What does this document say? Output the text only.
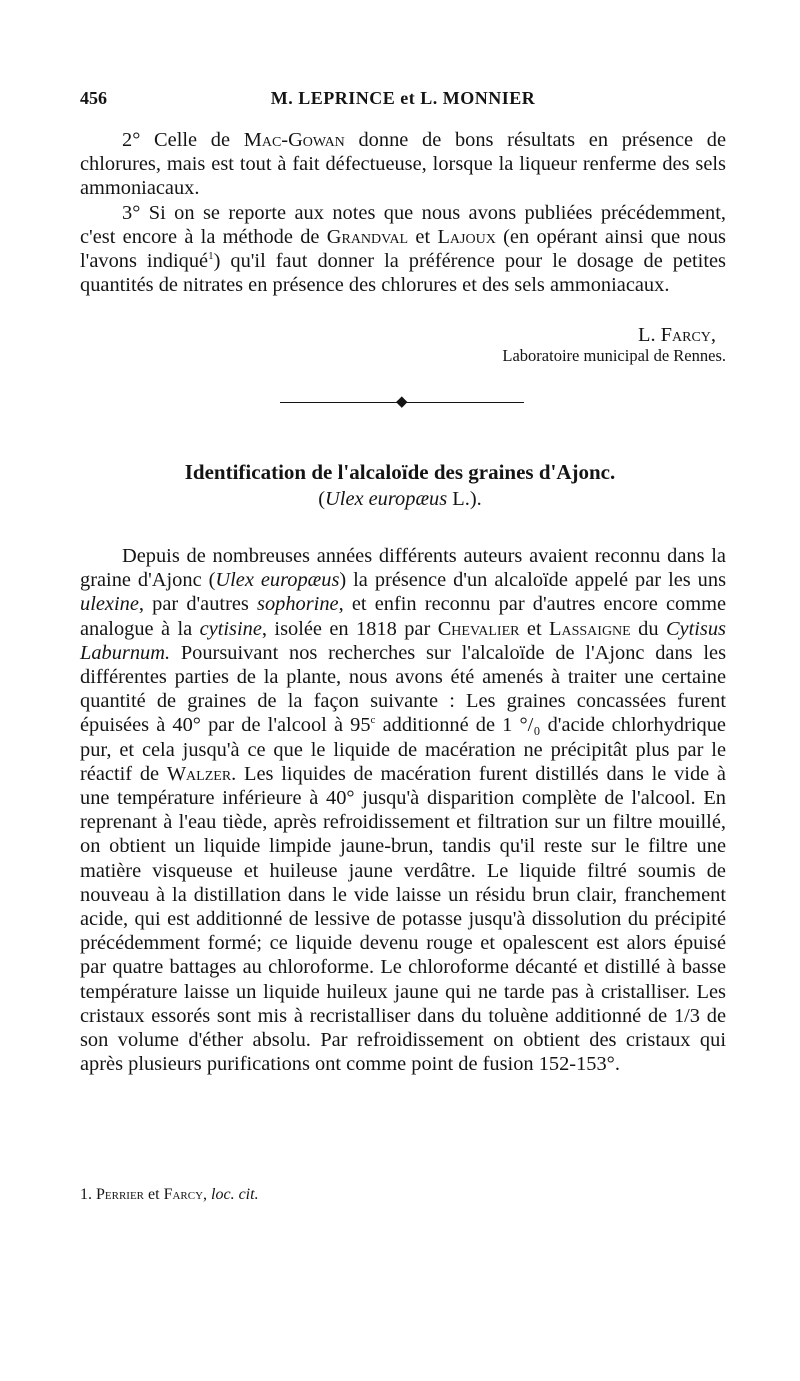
456	M. LEPRINCE et L. MONNIER

2° Celle de Mac-Gowan donne de bons résultats en présence de chlorures, mais est tout à fait défectueuse, lorsque la liqueur renferme des sels ammoniacaux.

3° Si on se reporte aux notes que nous avons publiées précédemment, c'est encore à la méthode de Grandval et Lajoux (en opérant ainsi que nous l'avons indiqué$^1$) qu'il faut donner la préférence pour le dosage de petites quantités de nitrates en présence des chlorures et des sels ammoniacaux.

L. Farcy,
Laboratoire municipal de Rennes.
◆
Identification de l'alcaloïde des graines d'Ajonc.
(Ulex europæus L.).

Depuis de nombreuses années différents auteurs avaient reconnu dans la graine d'Ajonc (Ulex europæus) la présence d'un alcaloïde appelé par les uns ulexine, par d'autres sophorine, et enfin reconnu par d'autres encore comme analogue à la cytisine, isolée en 1818 par Chevalier et Lassaigne du Cytisus Laburnum. Poursuivant nos recherches sur l'alcaloïde de l'Ajonc dans les différentes parties de la plante, nous avons été amenés à traiter une certaine quantité de graines de la façon suivante : Les graines concassées furent épuisées à 40° par de l'alcool à 95$^c$ additionné de 1 °/₀ d'acide chlorhydrique pur, et cela jusqu'à ce que le liquide de macération ne précipitât plus par le réactif de Walzer. Les liquides de macération furent distillés dans le vide à une température inférieure à 40° jusqu'à disparition complète de l'alcool. En reprenant à l'eau tiède, après refroidissement et filtration sur un filtre mouillé, on obtient un liquide limpide jaune-brun, tandis qu'il reste sur le filtre une matière visqueuse et huileuse jaune verdâtre. Le liquide filtré soumis de nouveau à la distillation dans le vide laisse un résidu brun clair, franchement acide, qui est additionné de lessive de potasse jusqu'à dissolution du précipité précédemment formé; ce liquide devenu rouge et opalescent est alors épuisé par quatre battages au chloroforme. Le chloroforme décanté et distillé à basse température laisse un liquide huileux jaune qui ne tarde pas à cristalliser. Les cristaux essorés sont mis à recristalliser dans du toluène additionné de 1/3 de son volume d'éther absolu. Par refroidissement on obtient des cristaux qui après plusieurs purifications ont comme point de fusion 152-153°.

1. Perrier et Farcy, loc. cit.
